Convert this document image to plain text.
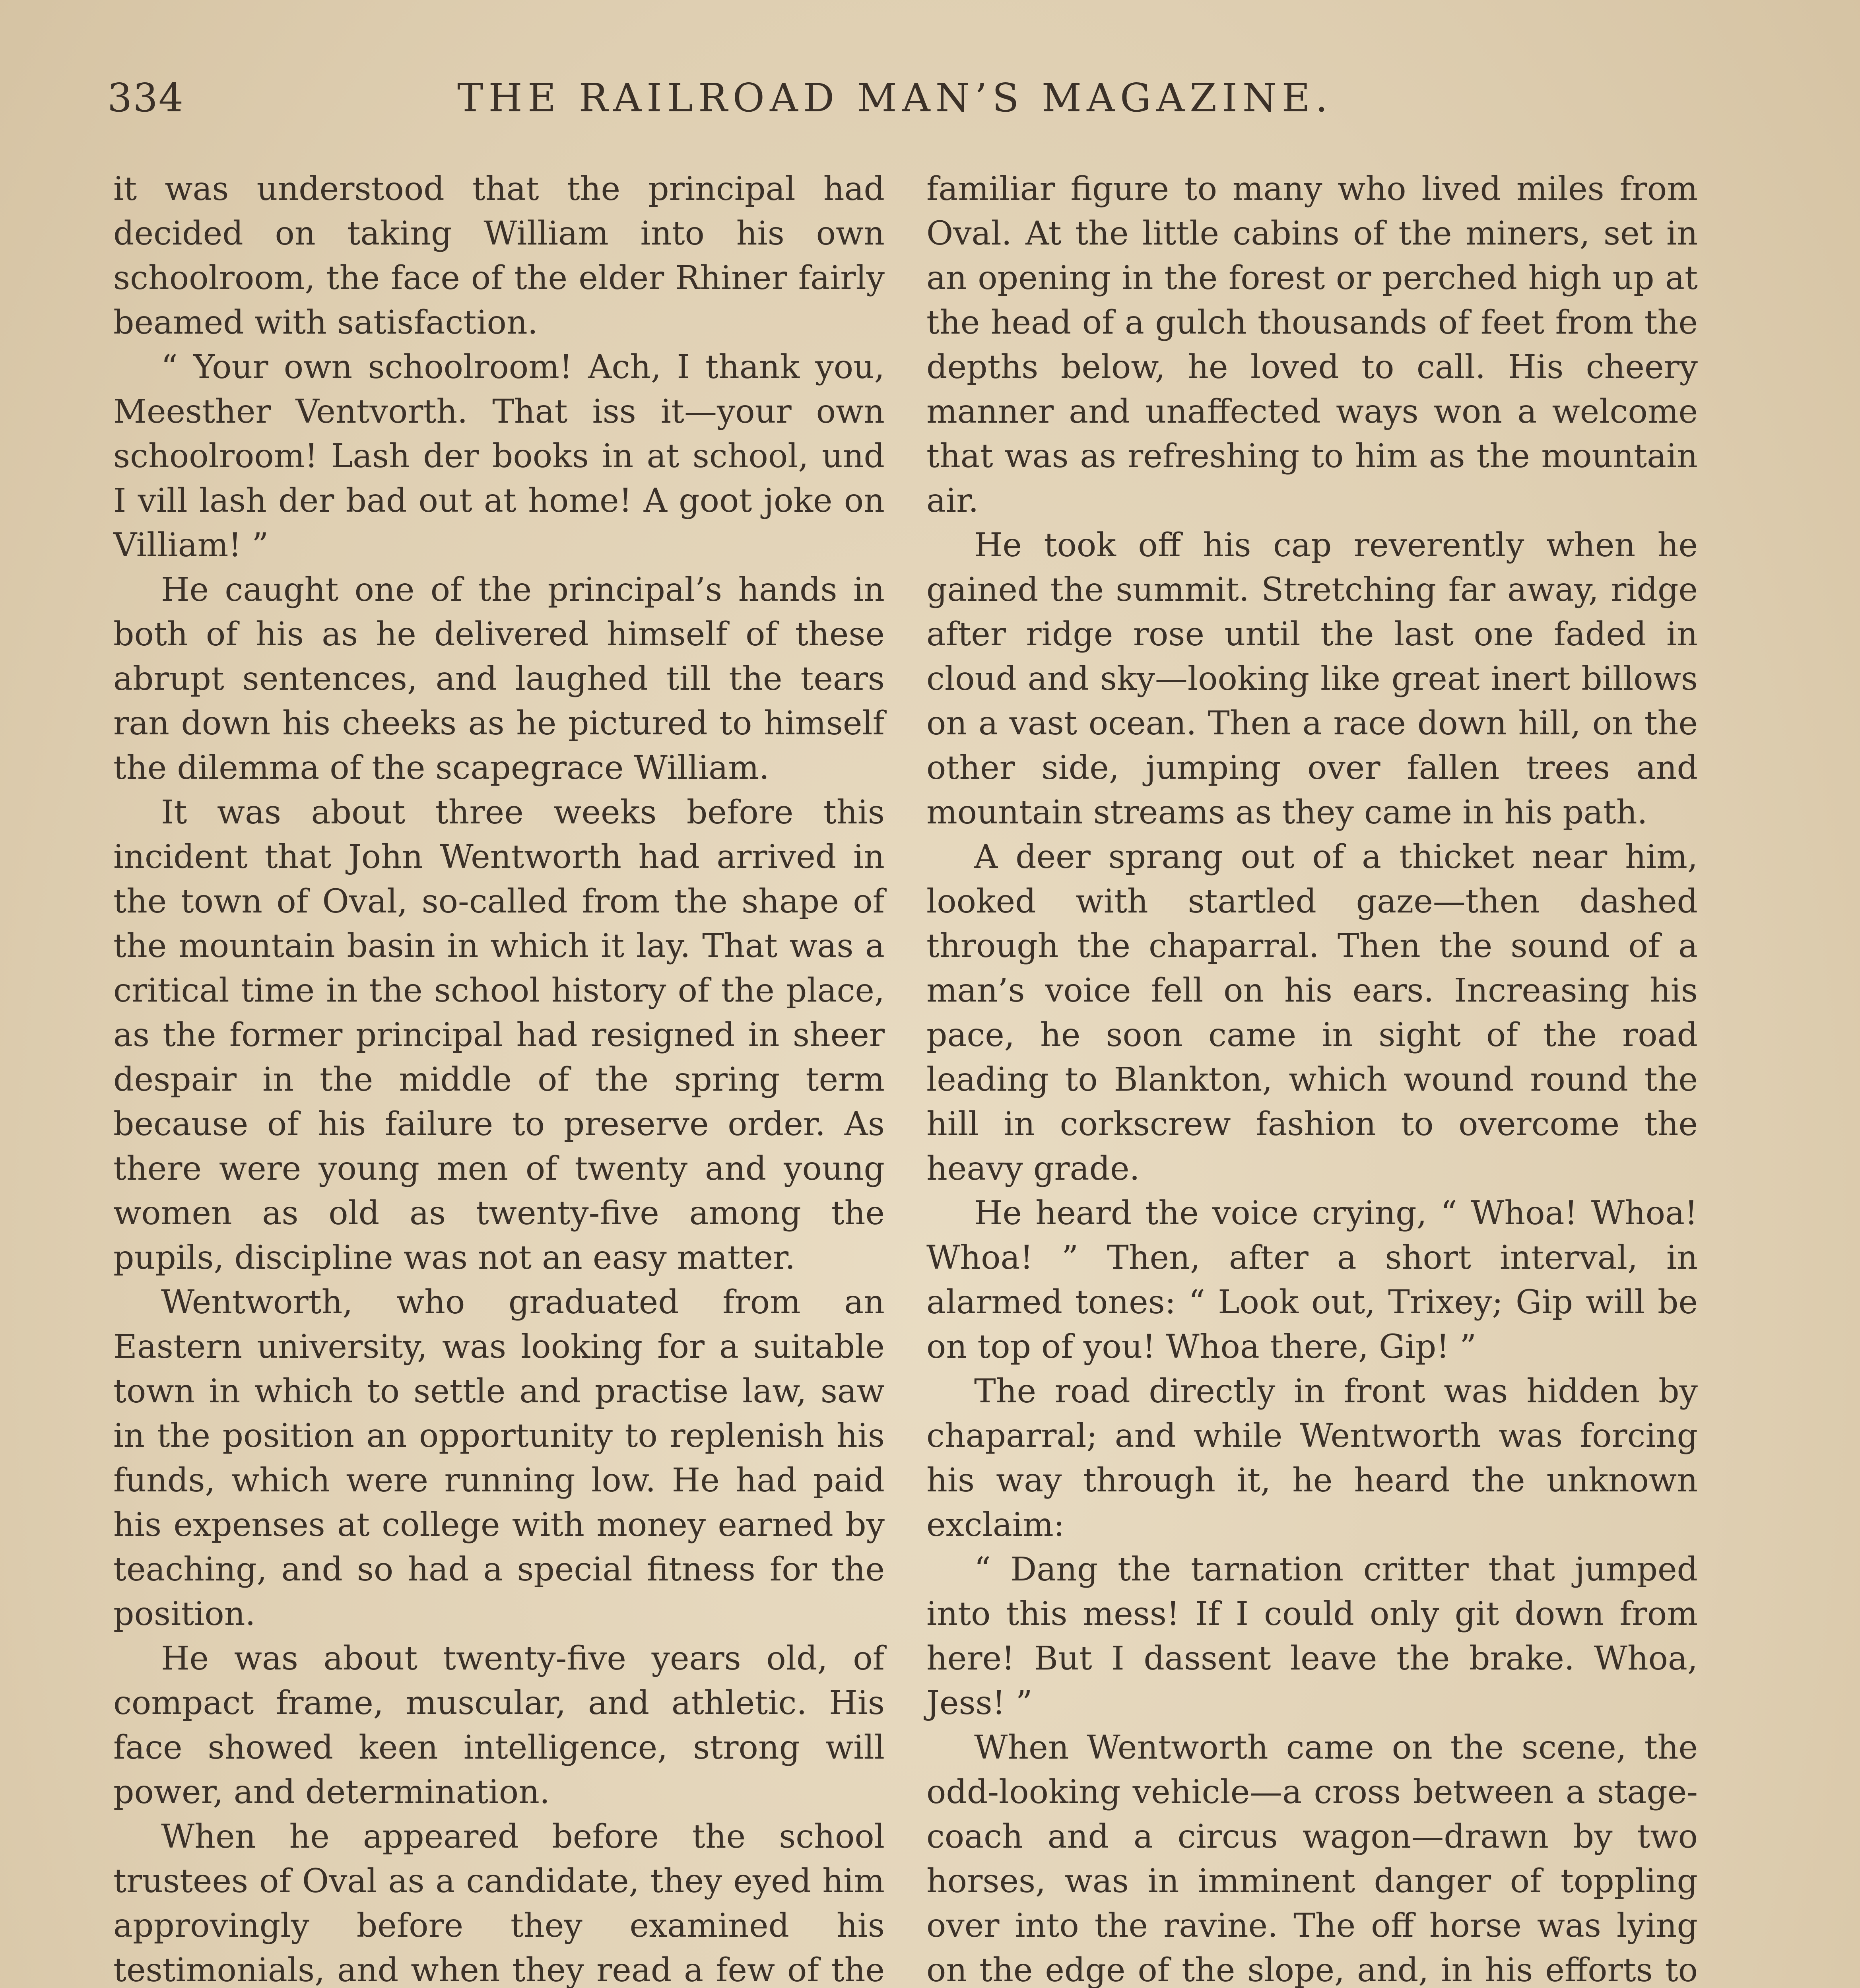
334	THE RAILROAD MAN’S MAGAZINE.

it was understood that the principal had decided on taking William into his own schoolroom, the face of the elder Rhiner fairly beamed with satisfaction.

“ Your own schoolroom! Ach, I thank you, Meesther Ventvorth. That iss it—your own schoolroom! Lash der books in at school, und I vill lash der bad out at home! A goot joke on Villiam! ”

He caught one of the principal’s hands in both of his as he delivered himself of these abrupt sentences, and laughed till the tears ran down his cheeks as he pictured to himself the dilemma of the scapegrace William.

It was about three weeks before this incident that John Wentworth had arrived in the town of Oval, so-called from the shape of the mountain basin in which it lay. That was a critical time in the school history of the place, as the former principal had resigned in sheer despair in the middle of the spring term because of his failure to preserve order. As there were young men of twenty and young women as old as twenty-five among the pupils, discipline was not an easy matter.

Wentworth, who graduated from an Eastern university, was looking for a suitable town in which to settle and practise law, saw in the position an opportunity to replenish his funds, which were running low. He had paid his expenses at college with money earned by teaching, and so had a special fitness for the position.

He was about twenty-five years old, of compact frame, muscular, and athletic. His face showed keen intelligence, strong will power, and determination.

When he appeared before the school trustees of Oval as a candidate, they eyed him approvingly before they examined his testimonials, and when they read a few of the

familiar figure to many who lived miles from Oval. At the little cabins of the miners, set in an opening in the forest or perched high up at the head of a gulch thousands of feet from the depths below, he loved to call. His cheery manner and unaffected ways won a welcome that was as refreshing to him as the mountain air.

He took off his cap reverently when he gained the summit. Stretching far away, ridge after ridge rose until the last one faded in cloud and sky—looking like great inert billows on a vast ocean. Then a race down hill, on the other side, jumping over fallen trees and mountain streams as they came in his path.

A deer sprang out of a thicket near him, looked with startled gaze—then dashed through the chaparral. Then the sound of a man’s voice fell on his ears. Increasing his pace, he soon came in sight of the road leading to Blankton, which wound round the hill in corkscrew fashion to overcome the heavy grade.

He heard the voice crying, “ Whoa! Whoa! Whoa! ” Then, after a short interval, in alarmed tones: “ Look out, Trixey; Gip will be on top of you! Whoa there, Gip! ”

The road directly in front was hidden by chaparral; and while Wentworth was forcing his way through it, he heard the unknown exclaim:

“ Dang the tarnation critter that jumped into this mess! If I could only git down from here! But I dassent leave the brake. Whoa, Jess! ”

When Wentworth came on the scene, the odd-looking vehicle—a cross between a stage-coach and a circus wagon—drawn by two horses, was in imminent danger of toppling over into the ravine. The off horse was lying on the edge of the slope, and, in his efforts to
